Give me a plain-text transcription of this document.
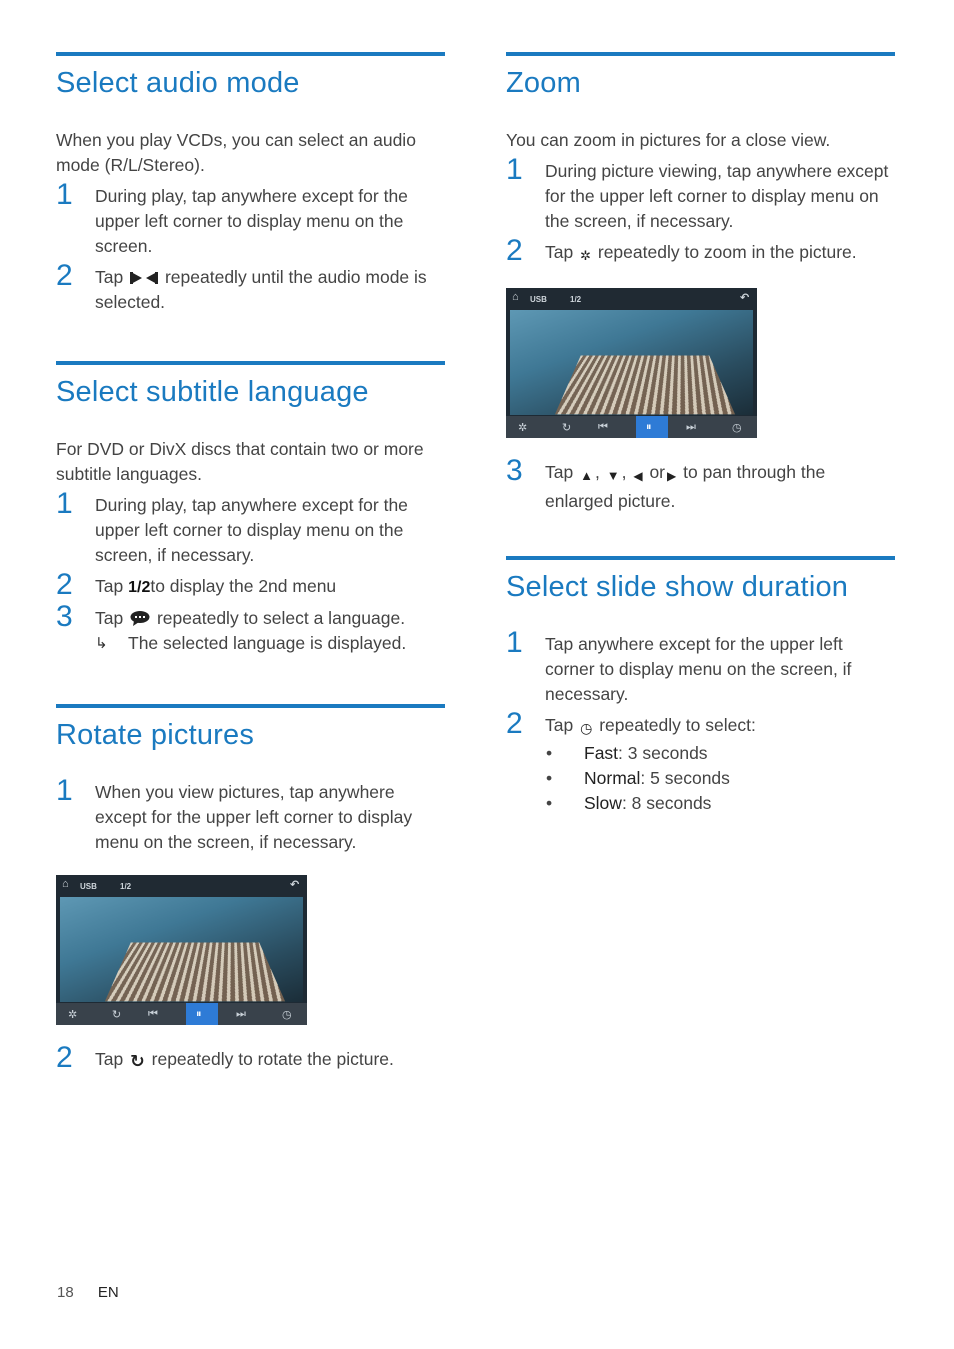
Select audio mode
When you play VCDs, you can select an audio mode (R/L/Stereo).
1 During play, tap anywhere except for the upper left corner to display menu on the screen.
2 Tap repeatedly until the audio mode is selected.
Select subtitle language
For DVD or DivX discs that contain two or more subtitle languages.
1 During play, tap anywhere except for the upper left corner to display menu on the screen, if necessary.
2 Tap 1/2to display the 2nd menu
3 Tap repeatedly to select a language.
↳ The selected language is displayed.
Rotate pictures
1 When you view pictures, tap anywhere except for the upper left corner to display menu on the screen, if necessary.
⌂ USB	1/2	↶
✲	↻ ⏮	⏸	⏭	◷
2 Tap ↻ repeatedly to rotate the picture.
Zoom
You can zoom in pictures for a close view.
1 During picture viewing, tap anywhere except for the upper left corner to display menu on the screen, if necessary.
2 Tap ✲ repeatedly to zoom in the picture.
⌂ USB	1/2	↶
✲	↻ ⏮	⏸	⏭	◷
3 Tap ▲ , ▼ , ◀ or ▶ to pan through the enlarged picture.
Select slide show duration
1 Tap anywhere except for the upper left corner to display menu on the screen, if necessary.
2 Tap ◷ repeatedly to select:
• Fast: 3 seconds
• Normal: 5 seconds
• Slow: 8 seconds
18 EN
